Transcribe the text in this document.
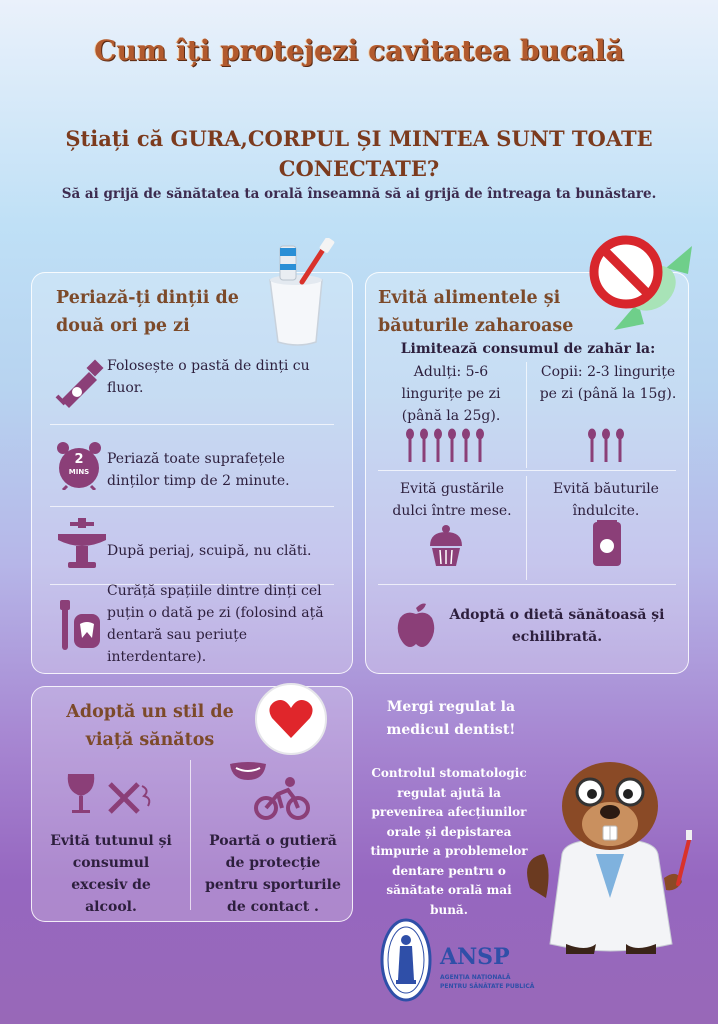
Cum îți protejezi cavitatea bucală
Știați că GURA,CORPUL ȘI MINTEA SUNT TOATE CONECTATE?
Să ai grijă de sănătatea ta orală înseamnă să ai grijă de întreaga ta bunăstare.
Periază-ți dinții de două ori pe zi
Folosește o pastă de dinți cu fluor.
2
MINS
Periază toate suprafețele dinților timp de 2 minute.
După periaj, scuipă, nu clăti.
Curăță spațiile dintre dinți cel puțin o dată pe zi (folosind ață dentară sau periuțe interdentare).
Evită alimentele și băuturile zaharoase
Limitează consumul de zahăr la:
Adulți: 5-6 lingurițe pe zi (până la 25g).
Copii: 2-3 lingurițe pe zi (până la 15g).
Evită gustările dulci între mese.
Evită băuturile îndulcite.
Adoptă o dietă sănătoasă și echilibrată.
Adoptă un stil de viață sănătos
Evită tutunul și consumul excesiv de alcool.
Poartă o gutieră de protecție pentru sporturile de contact .
Mergi regulat la medicul dentist!
Controlul stomatologic regulat ajută la prevenirea afecțiunilor orale și depistarea timpurie a problemelor dentare pentru o sănătate orală mai bună.
ANSP
AGENȚIA NAȚIONALĂ
PENTRU SĂNĂTATE PUBLICĂ
